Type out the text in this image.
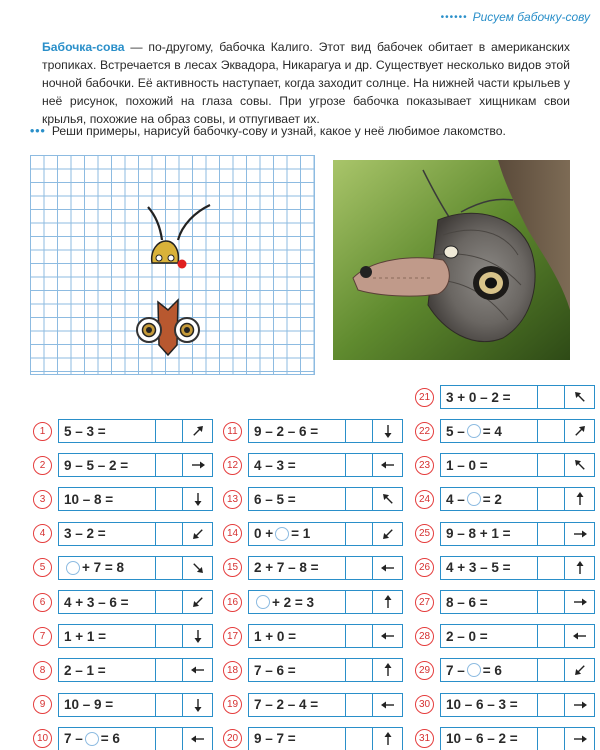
•••••• Рисуем бабочку-сову

Бабочка-сова — по-другому, бабочка Калиго. Этот вид бабочек обитает в американских тропиках. Встречается в лесах Эквадора, Никарагуа и др. Существует несколько видов этой ночной бабочки. Её активность наступает, когда заходит солнце. На нижней части крыльев у неё рисунок, похожий на глаза совы. При угрозе бабочка показывает хищникам свои крылья, похожие на образ совы, и отпугивает их.

••• Реши примеры, нарисуй бабочку-сову и узнай, какое у неё любимое лакомство.
1	5 – 3 =
2	9 – 5 – 2 =
3	10 – 8 =
4	3 – 2 =
5	+ 7 = 8
6	4 + 3 – 6 =
7	1 + 1 =
8	2 – 1 =
9	10 – 9 =
10	7 –
= 6
11	9 – 2 – 6 =
12	4 – 3 =
13	6 – 5 =
14	0 +
= 1
15	2 + 7 – 8 =
16	+ 2 = 3
17	1 + 0 =
18	7 – 6 =
19	7 – 2 – 4 =
20	9 – 7 =
21	3 + 0 – 2 =
22	5 –
= 4
23	1 – 0 =
24	4 –
= 2
25	9 – 8 + 1 =
26	4 + 3 – 5 =
27	8 – 6 =
28	2 – 0 =
29	7 –
= 6
30	10 – 6 – 3 =
31	10 – 6 – 2 =
